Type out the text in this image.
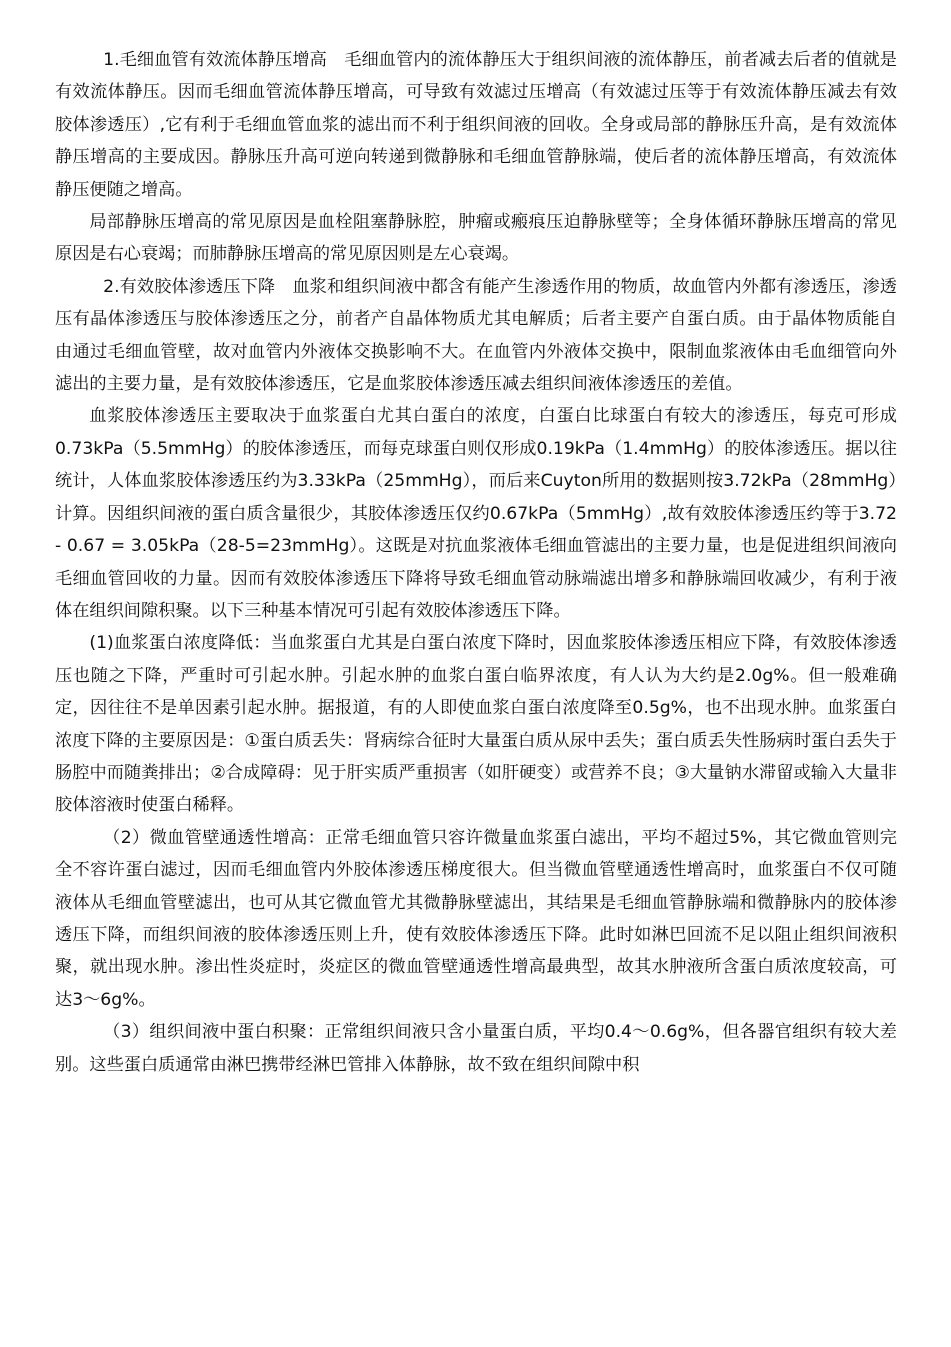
1.毛细血管有效流体静压增高　毛细血管内的流体静压大于组织间液的流体静压，前者减去后者的值就是有效流体静压。因而毛细血管流体静压增高，可导致有效滤过压增高（有效滤过压等于有效流体静压减去有效胶体渗透压）,它有利于毛细血管血浆的滤出而不利于组织间液的回收。全身或局部的静脉压升高，是有效流体静压增高的主要成因。静脉压升高可逆向转递到微静脉和毛细血管静脉端，使后者的流体静压增高，有效流体静压便随之增高。

局部静脉压增高的常见原因是血栓阻塞静脉腔，肿瘤或瘢痕压迫静脉壁等；全身体循环静脉压增高的常见原因是右心衰竭；而肺静脉压增高的常见原因则是左心衰竭。

2.有效胶体渗透压下降　血浆和组织间液中都含有能产生渗透作用的物质，故血管内外都有渗透压，渗透压有晶体渗透压与胶体渗透压之分，前者产自晶体物质尤其电解质；后者主要产自蛋白质。由于晶体物质能自由通过毛细血管壁，故对血管内外液体交换影响不大。在血管内外液体交换中，限制血浆液体由毛血细管向外滤出的主要力量，是有效胶体渗透压，它是血浆胶体渗透压减去组织间液体渗透压的差值。

血浆胶体渗透压主要取决于血浆蛋白尤其白蛋白的浓度，白蛋白比球蛋白有较大的渗透压，每克可形成0.73kPa（5.5mmHg）的胶体渗透压，而每克球蛋白则仅形成0.19kPa（1.4mmHg）的胶体渗透压。据以往统计，人体血浆胶体渗透压约为3.33kPa（25mmHg），而后来Cuyton所用的数据则按3.72kPa（28mmHg）计算。因组织间液的蛋白质含量很少，其胶体渗透压仅约0.67kPa（5mmHg）,故有效胶体渗透压约等于3.72 - 0.67 = 3.05kPa（28-5=23mmHg）。这既是对抗血浆液体毛细血管滤出的主要力量，也是促进组织间液向毛细血管回收的力量。因而有效胶体渗透压下降将导致毛细血管动脉端滤出增多和静脉端回收减少，有利于液体在组织间隙积聚。以下三种基本情况可引起有效胶体渗透压下降。

(1)血浆蛋白浓度降低：当血浆蛋白尤其是白蛋白浓度下降时，因血浆胶体渗透压相应下降，有效胶体渗透压也随之下降，严重时可引起水肿。引起水肿的血浆白蛋白临界浓度，有人认为大约是2.0g%。但一般难确定，因往往不是单因素引起水肿。据报道，有的人即使血浆白蛋白浓度降至0.5g%，也不出现水肿。血浆蛋白浓度下降的主要原因是：①蛋白质丢失：肾病综合征时大量蛋白质从尿中丢失；蛋白质丢失性肠病时蛋白丢失于肠腔中而随粪排出；②合成障碍：见于肝实质严重损害（如肝硬变）或营养不良；③大量钠水滞留或输入大量非胶体溶液时使蛋白稀释。

（2）微血管壁通透性增高：正常毛细血管只容许微量血浆蛋白滤出，平均不超过5%，其它微血管则完全不容许蛋白滤过，因而毛细血管内外胶体渗透压梯度很大。但当微血管壁通透性增高时，血浆蛋白不仅可随液体从毛细血管壁滤出，也可从其它微血管尤其微静脉壁滤出，其结果是毛细血管静脉端和微静脉内的胶体渗透压下降，而组织间液的胶体渗透压则上升，使有效胶体渗透压下降。此时如淋巴回流不足以阻止组织间液积聚，就出现水肿。渗出性炎症时，炎症区的微血管壁通透性增高最典型，故其水肿液所含蛋白质浓度较高，可达3～6g%。

（3）组织间液中蛋白积聚：正常组织间液只含小量蛋白质，平均0.4～0.6g%，但各器官组织有较大差别。这些蛋白质通常由淋巴携带经淋巴管排入体静脉，故不致在组织间隙中积
